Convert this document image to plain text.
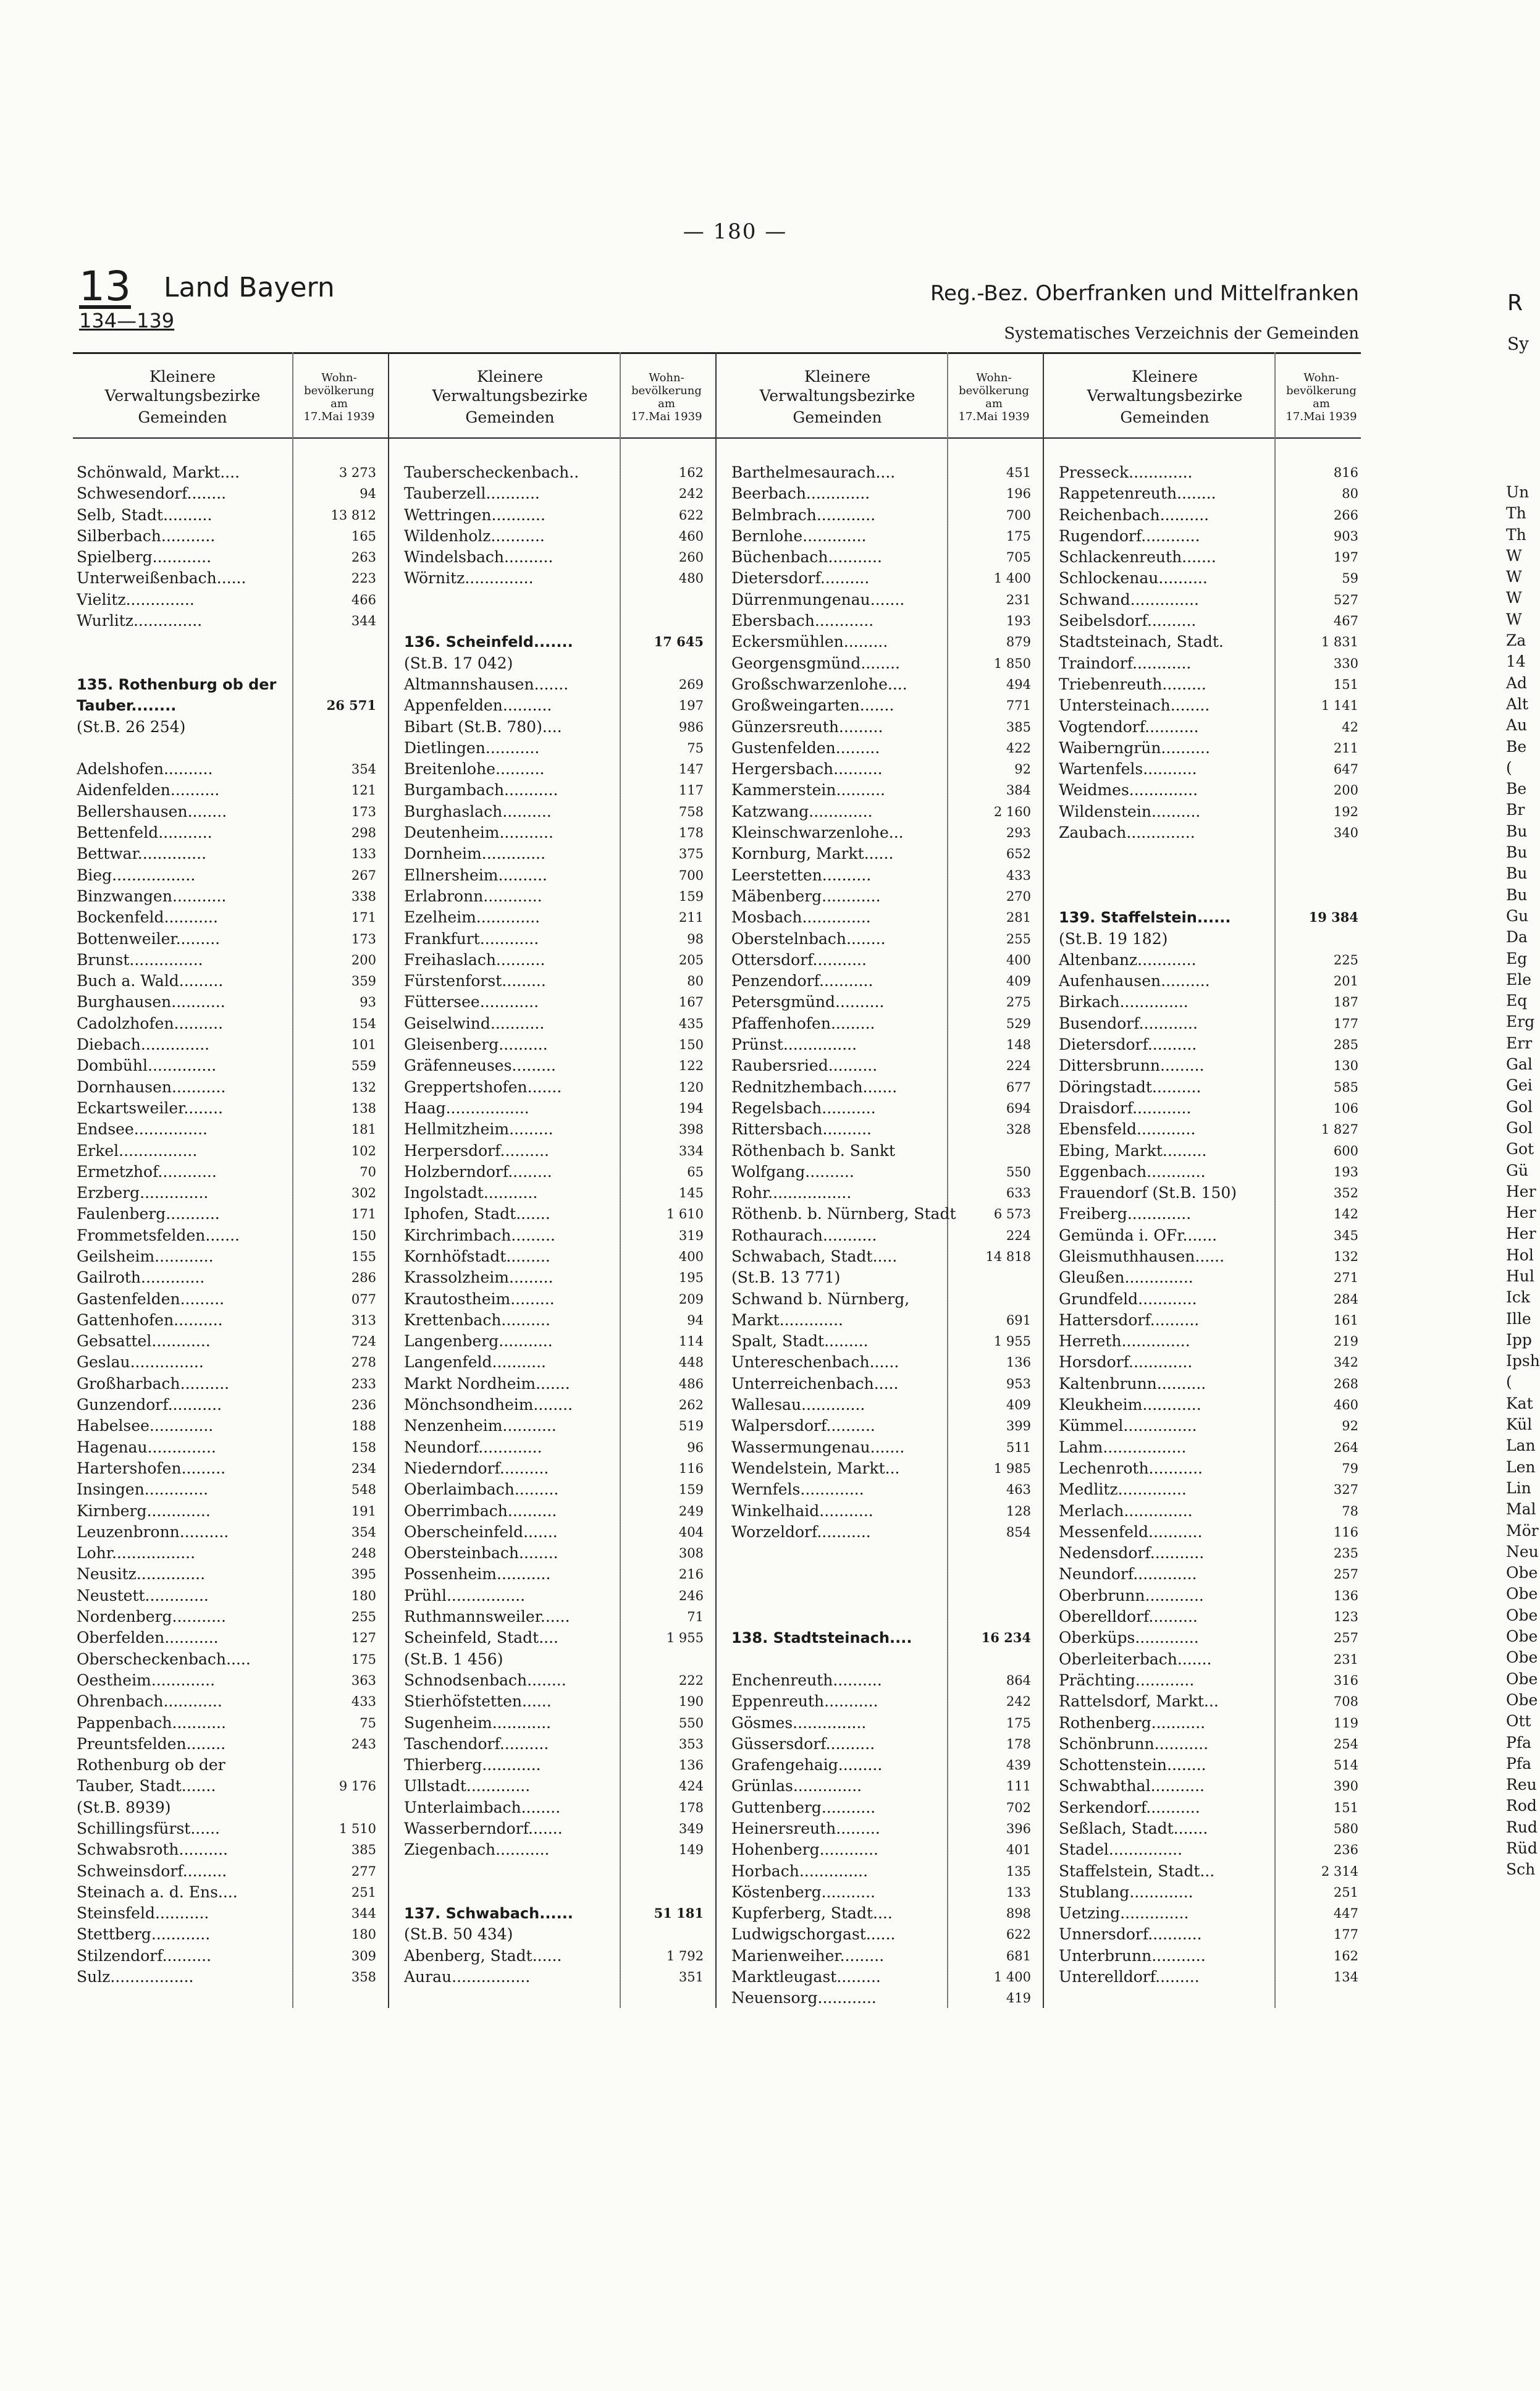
— 180 —
13 Land Bayern
134—139
Reg.-Bez. Oberfranken und Mittelfranken
Systematisches Verzeichnis der Gemeinden
Kleinere
Verwaltungsbezirke
Gemeinden
Wohn-
bevölkerung
am
17.Mai 1939
Schönwald, Markt....	3 273
Schwesendorf........	94
Selb, Stadt..........	13 812
Silberbach...........	165
Spielberg............	263
Unterweißenbach......	223
Vielitz..............	466
Wurlitz..............	344
135. Rothenburg ob der
Tauber........	26 571
(St.B. 26 254)
Adelshofen..........	354
Aidenfelden..........	121
Bellershausen........	173
Bettenfeld...........	298
Bettwar..............	133
Bieg.................	267
Binzwangen...........	338
Bockenfeld...........	171
Bottenweiler.........	173
Brunst...............	200
Buch a. Wald.........	359
Burghausen...........	93
Cadolzhofen..........	154
Diebach..............	101
Dombühl..............	559
Dornhausen...........	132
Eckartsweiler........	138
Endsee...............	181
Erkel................	102
Ermetzhof............	70
Erzberg..............	302
Faulenberg...........	171
Frommetsfelden.......	150
Geilsheim............	155
Gailroth.............	286
Gastenfelden.........	077
Gattenhofen..........	313
Gebsattel............	724
Geslau...............	278
Großharbach..........	233
Gunzendorf...........	236
Habelsee.............	188
Hagenau..............	158
Hartershofen.........	234
Insingen.............	548
Kirnberg.............	191
Leuzenbronn..........	354
Lohr.................	248
Neusitz..............	395
Neustett.............	180
Nordenberg...........	255
Oberfelden...........	127
Oberscheckenbach.....	175
Oestheim.............	363
Ohrenbach............	433
Pappenbach...........	75
Preuntsfelden........	243
Rothenburg ob der
Tauber, Stadt.......	9 176
(St.B. 8939)
Schillingsfürst......	1 510
Schwabsroth..........	385
Schweinsdorf.........	277
Steinach a. d. Ens....	251
Steinsfeld...........	344
Stettberg............	180
Stilzendorf..........	309
Sulz.................	358
Kleinere
Verwaltungsbezirke
Gemeinden
Wohn-
bevölkerung
am
17.Mai 1939
Tauberscheckenbach..	162
Tauberzell...........	242
Wettringen...........	622
Wildenholz...........	460
Windelsbach..........	260
Wörnitz..............	480
136. Scheinfeld.......	17 645
(St.B. 17 042)
Altmannshausen.......	269
Appenfelden..........	197
Bibart (St.B. 780)....	986
Dietlingen...........	75
Breitenlohe..........	147
Burgambach...........	117
Burghaslach..........	758
Deutenheim...........	178
Dornheim.............	375
Ellnersheim..........	700
Erlabronn............	159
Ezelheim.............	211
Frankfurt............	98
Freihaslach..........	205
Fürstenforst.........	80
Füttersee............	167
Geiselwind...........	435
Gleisenberg..........	150
Gräfenneuses.........	122
Greppertshofen.......	120
Haag.................	194
Hellmitzheim.........	398
Herpersdorf..........	334
Holzberndorf.........	65
Ingolstadt...........	145
Iphofen, Stadt.......	1 610
Kirchrimbach.........	319
Kornhöfstadt.........	400
Krassolzheim.........	195
Krautostheim.........	209
Krettenbach..........	94
Langenberg...........	114
Langenfeld...........	448
Markt Nordheim.......	486
Mönchsondheim........	262
Nenzenheim...........	519
Neundorf.............	96
Niederndorf..........	116
Oberlaimbach.........	159
Oberrimbach..........	249
Oberscheinfeld.......	404
Obersteinbach........	308
Possenheim...........	216
Prühl................	246
Ruthmannsweiler......	71
Scheinfeld, Stadt....	1 955
(St.B. 1 456)
Schnodsenbach........	222
Stierhöfstetten......	190
Sugenheim............	550
Taschendorf..........	353
Thierberg............	136
Ullstadt.............	424
Unterlaimbach........	178
Wasserberndorf.......	349
Ziegenbach...........	149
137. Schwabach......	51 181
(St.B. 50 434)
Abenberg, Stadt......	1 792
Aurau................	351
Kleinere
Verwaltungsbezirke
Gemeinden
Wohn-
bevölkerung
am
17.Mai 1939
Barthelmesaurach....	451
Beerbach.............	196
Belmbrach............	700
Bernlohe.............	175
Büchenbach...........	705
Dietersdorf..........	1 400
Dürrenmungenau.......	231
Ebersbach............	193
Eckersmühlen.........	879
Georgensgmünd........	1 850
Großschwarzenlohe....	494
Großweingarten.......	771
Günzersreuth.........	385
Gustenfelden.........	422
Hergersbach..........	92
Kammerstein..........	384
Katzwang.............	2 160
Kleinschwarzenlohe...	293
Kornburg, Markt......	652
Leerstetten..........	433
Mäbenberg............	270
Mosbach..............	281
Oberstelnbach........	255
Ottersdorf...........	400
Penzendorf...........	409
Petersgmünd..........	275
Pfaffenhofen.........	529
Prünst...............	148
Raubersried..........	224
Rednitzhembach.......	677
Regelsbach...........	694
Rittersbach..........	328
Röthenbach b. Sankt
Wolfgang..........	550
Rohr.................	633
Röthenb. b. Nürnberg, Stadt	6 573
Rothaurach...........	224
Schwabach, Stadt.....	14 818
(St.B. 13 771)
Schwand b. Nürnberg,
Markt.............	691
Spalt, Stadt.........	1 955
Untereschenbach......	136
Unterreichenbach.....	953
Wallesau.............	409
Walpersdorf..........	399
Wassermungenau.......	511
Wendelstein, Markt...	1 985
Wernfels.............	463
Winkelhaid...........	128
Worzeldorf...........	854
138. Stadtsteinach....	16 234
Enchenreuth..........	864
Eppenreuth...........	242
Gösmes...............	175
Güssersdorf..........	178
Grafengehaig.........	439
Grünlas..............	111
Guttenberg...........	702
Heinersreuth.........	396
Hohenberg............	401
Horbach..............	135
Köstenberg...........	133
Kupferberg, Stadt....	898
Ludwigschorgast......	622
Marienweiher.........	681
Marktleugast.........	1 400
Neuensorg............	419
Kleinere
Verwaltungsbezirke
Gemeinden
Wohn-
bevölkerung
am
17.Mai 1939
Presseck.............	816
Rappetenreuth........	80
Reichenbach..........	266
Rugendorf............	903
Schlackenreuth.......	197
Schlockenau..........	59
Schwand..............	527
Seibelsdorf..........	467
Stadtsteinach, Stadt.	1 831
Traindorf............	330
Triebenreuth.........	151
Untersteinach........	1 141
Vogtendorf...........	42
Waiberngrün..........	211
Wartenfels...........	647
Weidmes..............	200
Wildenstein..........	192
Zaubach..............	340
139. Staffelstein......	19 384
(St.B. 19 182)
Altenbanz............	225
Aufenhausen..........	201
Birkach..............	187
Busendorf............	177
Dietersdorf..........	285
Dittersbrunn.........	130
Döringstadt..........	585
Draisdorf............	106
Ebensfeld............	1 827
Ebing, Markt.........	600
Eggenbach............	193
Frauendorf (St.B. 150)	352
Freiberg.............	142
Gemünda i. OFr.......	345
Gleismuthhausen......	132
Gleußen..............	271
Grundfeld............	284
Hattersdorf..........	161
Herreth..............	219
Horsdorf.............	342
Kaltenbrunn..........	268
Kleukheim............	460
Kümmel...............	92
Lahm.................	264
Lechenroth...........	79
Medlitz..............	327
Merlach..............	78
Messenfeld...........	116
Nedensdorf...........	235
Neundorf.............	257
Oberbrunn............	136
Oberelldorf..........	123
Oberküps.............	257
Oberleiterbach.......	231
Prächting............	316
Rattelsdorf, Markt...	708
Rothenberg...........	119
Schönbrunn...........	254
Schottenstein........	514
Schwabthal...........	390
Serkendorf...........	151
Seßlach, Stadt.......	580
Stadel...............	236
Staffelstein, Stadt...	2 314
Stublang.............	251
Uetzing..............	447
Unnersdorf...........	177
Unterbrunn...........	162
Unterelldorf.........	134
R
Sy
Un
Th
Th
W
W
W
W
Za
14
Ad
Alt
Au
Be
(
Be
Br
Bu
Bu
Bu
Bu
Gu
Da
Eg
Ele
Eq
Erg
Err
Gal
Gei
Gol
Gol
Got
Gü
Her
Her
Her
Hol
Hul
Ick
Ille
Ipp
Ipsh
(
Kat
Kül
Lan
Len
Lin
Mal
Mör
Neu
Obe
Obe
Obe
Obe
Obe
Obe
Obe
Ott
Pfa
Pfa
Reu
Rod
Rud
Rüd
Sch
